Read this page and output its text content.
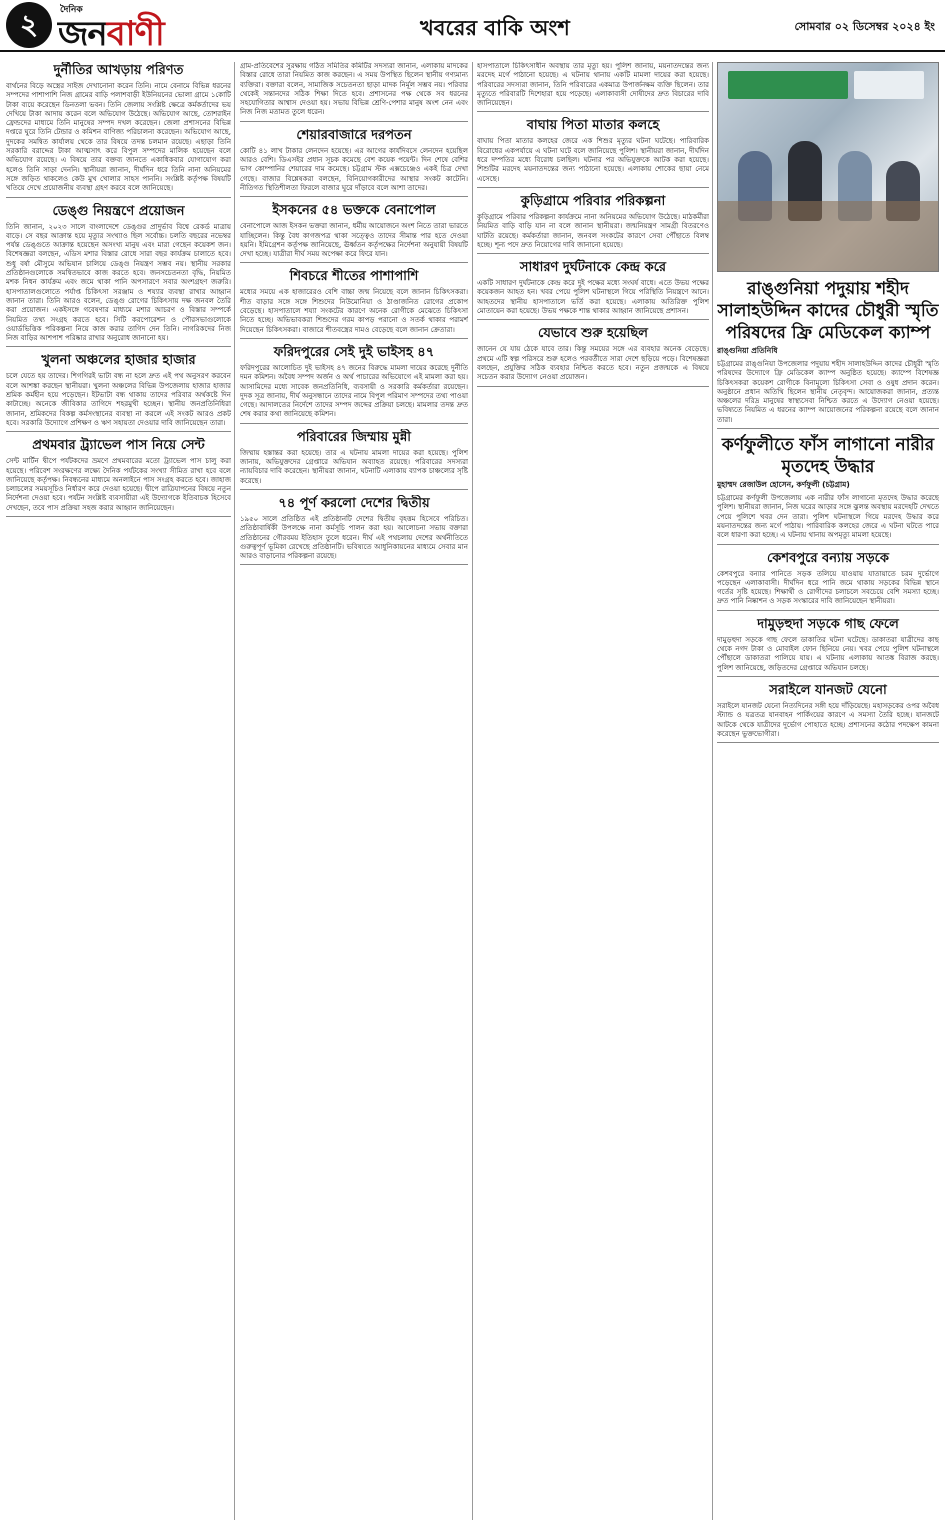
২	দৈনিক
জনবাণী	খবরের বাকি অংশ	সোমবার ০২ ডিসেম্বর ২০২৪ ইং
দুর্নীতির আখড়ায় পরিণত

বার্থনের বিড়ে অস্ত্রের সাইজ দেখানোনা করেন তিনি। নামে বেনামে বিভিন্ন ধরনের সম্পদের পাশাপাশি নিজ গ্রামের বাড়ি পলাশবাড়ী ইউনিয়নের ভোলা গ্রামে ১কোটি টাকা ব্যয়ে করেছেন ডিনতলা ভবন। তিনি জেলায় সংশ্লিষ্ট ক্ষেত্রে কর্মকর্তাদের ভয় দেখিয়ে টাকা আদায় করেন বলে অভিযোগ উঠেছে। অভিযোগ আছে, তোশরাইন ফ্রেন্ডদের মাধ্যমে তিনি মানুষের সম্পদ দখল করেছেন। জেলা প্রশাসনের বিভিন্ন দপ্তরে ঘুরে তিনি টেন্ডার ও কমিশন বাণিজ্য পরিচালনা করেছেন। অভিযোগ আছে, দুদকের সমন্বিত কার্যালয় থেকে তার বিষয়ে তদন্ত চলমান রয়েছে। এছাড়া তিনি সরকারি বরাদ্দের টাকা আত্মসাৎ করে বিপুল সম্পদের মালিক হয়েছেন বলে অভিযোগ রয়েছে। এ বিষয়ে তার বক্তব্য জানতে একাধিকবার যোগাযোগ করা হলেও তিনি সাড়া দেননি। স্থানীয়রা জানান, দীর্ঘদিন ধরে তিনি নানা অনিয়মের সঙ্গে জড়িত থাকলেও কেউ মুখ খোলার সাহস পাননি। সংশ্লিষ্ট কর্তৃপক্ষ বিষয়টি খতিয়ে দেখে প্রয়োজনীয় ব্যবস্থা গ্রহণ করবে বলে জানিয়েছে।

ডেঙ্গু নিয়ন্ত্রণে প্রয়োজন

তিনি জানান, ২০২৩ সালে বাংলাদেশে ডেঙ্গুর প্রাদুর্ভাব বিশ্বে রেকর্ড মাত্রায় বাড়ে। সে বছর আক্রান্ত হয়ে মৃত্যুর সংখ্যাও ছিল সর্বোচ্চ। চলতি বছরের নভেম্বর পর্যন্ত ডেঙ্গুতে আক্রান্ত হয়েছেন অসংখ্য মানুষ এবং মারা গেছেন কয়েকশ জন। বিশেষজ্ঞরা বলছেন, এডিস মশার বিস্তার রোধে সারা বছর কার্যক্রম চালাতে হবে। শুধু বর্ষা মৌসুমে অভিযান চালিয়ে ডেঙ্গু নিয়ন্ত্রণ সম্ভব নয়। স্থানীয় সরকার প্রতিষ্ঠানগুলোকে সমন্বিতভাবে কাজ করতে হবে। জনসচেতনতা বৃদ্ধি, নিয়মিত মশক নিধন কার্যক্রম এবং জমে থাকা পানি অপসারণে সবার অংশগ্রহণ জরুরি। হাসপাতালগুলোতে পর্যাপ্ত চিকিৎসা সরঞ্জাম ও শয্যার ব্যবস্থা রাখার আহ্বান জানান তারা। তিনি আরও বলেন, ডেঙ্গু রোগের চিকিৎসায় দক্ষ জনবল তৈরি করা প্রয়োজন। একইসঙ্গে গবেষণার মাধ্যমে মশার আচরণ ও বিস্তার সম্পর্কে নিয়মিত তথ্য সংগ্রহ করতে হবে। সিটি করপোরেশন ও পৌরসভাগুলোকে ওয়ার্ডভিত্তিক পরিকল্পনা নিয়ে কাজ করার তাগিদ দেন তিনি। নাগরিকদের নিজ নিজ বাড়ির আশপাশ পরিষ্কার রাখার অনুরোধ জানানো হয়।

খুলনা অঞ্চলের হাজার হাজার

চলে যেতে হয় তাদের। শিগগিরই ভাটা বন্ধ না হলে দ্রুত এই পথ অনুসরণ করবেন বলে আশঙ্কা করছেন স্থানীয়রা। খুলনা অঞ্চলের বিভিন্ন উপজেলায় হাজার হাজার শ্রমিক কর্মহীন হয়ে পড়েছেন। ইটভাটা বন্ধ থাকায় তাদের পরিবার অর্থকষ্টে দিন কাটাচ্ছে। অনেকে জীবিকার তাগিদে শহরমুখী হচ্ছেন। স্থানীয় জনপ্রতিনিধিরা জানান, শ্রমিকদের বিকল্প কর্মসংস্থানের ব্যবস্থা না করলে এই সংকট আরও প্রকট হবে। সরকারি উদ্যোগে প্রশিক্ষণ ও ঋণ সহায়তা দেওয়ার দাবি জানিয়েছেন তারা।

প্রথমবার ট্র্যাভেল পাস নিয়ে সেন্ট

সেন্ট মার্টিন দ্বীপে পর্যটকদের ভ্রমণে প্রথমবারের মতো ট্র্যাভেল পাস চালু করা হয়েছে। পরিবেশ সংরক্ষণের লক্ষ্যে দৈনিক পর্যটকের সংখ্যা সীমিত রাখা হবে বলে জানিয়েছে কর্তৃপক্ষ। নিবন্ধনের মাধ্যমে অনলাইনে পাস সংগ্রহ করতে হবে। জাহাজ চলাচলের সময়সূচিও নির্ধারণ করে দেওয়া হয়েছে। দ্বীপে রাত্রিযাপনের বিষয়ে নতুন নির্দেশনা দেওয়া হবে। পর্যটন সংশ্লিষ্ট ব্যবসায়ীরা এই উদ্যোগকে ইতিবাচক হিসেবে দেখছেন, তবে পাস প্রক্রিয়া সহজ করার আহ্বান জানিয়েছেন।

গ্রাম-প্রতিবেশের সুরক্ষায় গঠিত সমিতির কমিটির সদস্যরা জানান, এলাকায় মাদকের বিস্তার রোধে তারা নিয়মিত কাজ করছেন। এ সময় উপস্থিত ছিলেন স্থানীয় গণ্যমান্য ব্যক্তিরা। বক্তারা বলেন, সামাজিক সচেতনতা ছাড়া মাদক নির্মূল সম্ভব নয়। পরিবার থেকেই সন্তানদের সঠিক শিক্ষা দিতে হবে। প্রশাসনের পক্ষ থেকে সব ধরনের সহযোগিতার আশ্বাস দেওয়া হয়। সভায় বিভিন্ন শ্রেণি-পেশার মানুষ অংশ নেন এবং নিজ নিজ মতামত তুলে ধরেন।

শেয়ারবাজারে দরপতন

কোটি ৪১ লাখ টাকার লেনদেন হয়েছে। এর আগের কার্যদিবসে লেনদেন হয়েছিল আরও বেশি। ডিএসইর প্রধান সূচক কমেছে বেশ কয়েক পয়েন্ট। দিন শেষে বেশির ভাগ কোম্পানির শেয়ারের দাম কমেছে। চট্টগ্রাম স্টক এক্সচেঞ্জেও একই চিত্র দেখা গেছে। বাজার বিশ্লেষকরা বলছেন, বিনিয়োগকারীদের আস্থার সংকট কাটেনি। নীতিগত স্থিতিশীলতা ফিরলে বাজার ঘুরে দাঁড়াবে বলে আশা তাদের।

ইসকনের ৫৪ ভক্তকে বেনাপোল

বেনাপোলে আজ ইসকন ভক্তরা জানান, ধর্মীয় আয়োজনে অংশ নিতে তারা ভারতে যাচ্ছিলেন। কিন্তু বৈধ কাগজপত্র থাকা সত্ত্বেও তাদের সীমান্ত পার হতে দেওয়া হয়নি। ইমিগ্রেশন কর্তৃপক্ষ জানিয়েছে, ঊর্ধ্বতন কর্তৃপক্ষের নির্দেশনা অনুযায়ী বিষয়টি দেখা হচ্ছে। যাত্রীরা দীর্ঘ সময় অপেক্ষা করে ফিরে যান।

শিবচরে শীতের পাশাপাশি

মধ্যের সময়ে এক হাজারেরও বেশি বাচ্চা জন্ম নিয়েছে বলে জানান চিকিৎসকরা। শীত বাড়ার সঙ্গে সঙ্গে শিশুদের নিউমোনিয়া ও ঠাণ্ডাজনিত রোগের প্রকোপ বেড়েছে। হাসপাতালে শয্যা সংকটের কারণে অনেক রোগীকে মেঝেতে চিকিৎসা নিতে হচ্ছে। অভিভাবকরা শিশুদের গরম কাপড় পরানো ও সতর্ক থাকার পরামর্শ দিয়েছেন চিকিৎসকরা। বাজারে শীতবস্ত্রের দামও বেড়েছে বলে জানান ক্রেতারা।

ফরিদপুরের সেই দুই ভাইসহ ৪৭

ফরিদপুরের আলোচিত দুই ভাইসহ ৪৭ জনের বিরুদ্ধে মামলা দায়ের করেছে দুর্নীতি দমন কমিশন। অবৈধ সম্পদ অর্জন ও অর্থ পাচারের অভিযোগে এই মামলা করা হয়। আসামিদের মধ্যে সাবেক জনপ্রতিনিধি, ব্যবসায়ী ও সরকারি কর্মকর্তারা রয়েছেন। দুদক সূত্র জানায়, দীর্ঘ অনুসন্ধানে তাদের নামে বিপুল পরিমাণ সম্পদের তথ্য পাওয়া গেছে। আদালতের নির্দেশে তাদের সম্পদ জব্দের প্রক্রিয়া চলছে। মামলার তদন্ত দ্রুত শেষ করার কথা জানিয়েছে কমিশন।

পরিবারের জিম্মায় মুন্নী

জিম্মায় হস্তান্তর করা হয়েছে। তার এ ঘটনায় মামলা দায়ের করা হয়েছে। পুলিশ জানায়, অভিযুক্তদের গ্রেপ্তারে অভিযান অব্যাহত রয়েছে। পরিবারের সদস্যরা ন্যায়বিচার দাবি করেছেন। স্থানীয়রা জানান, ঘটনাটি এলাকায় ব্যাপক চাঞ্চল্যের সৃষ্টি করেছে।

৭৪ পূর্ণ করলো দেশের দ্বিতীয়

১৯৫০ সালে প্রতিষ্ঠিত এই প্রতিষ্ঠানটি দেশের দ্বিতীয় বৃহত্তম হিসেবে পরিচিত। প্রতিষ্ঠাবার্ষিকী উপলক্ষে নানা কর্মসূচি পালন করা হয়। আলোচনা সভায় বক্তারা প্রতিষ্ঠানের গৌরবময় ইতিহাস তুলে ধরেন। দীর্ঘ এই পথচলায় দেশের অর্থনীতিতে গুরুত্বপূর্ণ ভূমিকা রেখেছে প্রতিষ্ঠানটি। ভবিষ্যতে আধুনিকায়নের মাধ্যমে সেবার মান আরও বাড়ানোর পরিকল্পনা রয়েছে।

হাসপাতালে চিকিৎসাধীন অবস্থায় তার মৃত্যু হয়। পুলিশ জানায়, ময়নাতদন্তের জন্য মরদেহ মর্গে পাঠানো হয়েছে। এ ঘটনায় থানায় একটি মামলা দায়ের করা হয়েছে। পরিবারের সদস্যরা জানান, তিনি পরিবারের একমাত্র উপার্জনক্ষম ব্যক্তি ছিলেন। তার মৃত্যুতে পরিবারটি দিশেহারা হয়ে পড়েছে। এলাকাবাসী দোষীদের দ্রুত বিচারের দাবি জানিয়েছেন।

বাঘায় পিতা মাতার কলহে

বাঘায় পিতা মাতার কলহের জেরে এক শিশুর মৃত্যুর ঘটনা ঘটেছে। পারিবারিক বিরোধের একপর্যায়ে এ ঘটনা ঘটে বলে জানিয়েছে পুলিশ। স্থানীয়রা জানান, দীর্ঘদিন ধরে দম্পতির মধ্যে বিরোধ চলছিল। ঘটনার পর অভিযুক্তকে আটক করা হয়েছে। শিশুটির মরদেহ ময়নাতদন্তের জন্য পাঠানো হয়েছে। এলাকায় শোকের ছায়া নেমে এসেছে।

কুড়িগ্রামে পরিবার পরিকল্পনা

কুড়িগ্রামে পরিবার পরিকল্পনা কার্যক্রমে নানা অনিয়মের অভিযোগ উঠেছে। মাঠকর্মীরা নিয়মিত বাড়ি বাড়ি যান না বলে জানান স্থানীয়রা। জন্মনিয়ন্ত্রণ সামগ্রী বিতরণেও ঘাটতি রয়েছে। কর্মকর্তারা জানান, জনবল সংকটের কারণে সেবা পৌঁছাতে বিলম্ব হচ্ছে। শূন্য পদে দ্রুত নিয়োগের দাবি জানানো হয়েছে।

সাধারণ দুর্ঘটনাকে কেন্দ্র করে

একটি সাধারণ দুর্ঘটনাকে কেন্দ্র করে দুই পক্ষের মধ্যে সংঘর্ষ বাধে। এতে উভয় পক্ষের কয়েকজন আহত হন। খবর পেয়ে পুলিশ ঘটনাস্থলে গিয়ে পরিস্থিতি নিয়ন্ত্রণে আনে। আহতদের স্থানীয় হাসপাতালে ভর্তি করা হয়েছে। এলাকায় অতিরিক্ত পুলিশ মোতায়েন করা হয়েছে। উভয় পক্ষকে শান্ত থাকার আহ্বান জানিয়েছে প্রশাসন।

যেভাবে শুরু হয়েছিল

জানেন যে যায় ঠেকে যাবে তার। কিন্তু সময়ের সঙ্গে এর ব্যবহার অনেক বেড়েছে। প্রথমে এটি স্বল্প পরিসরে শুরু হলেও পরবর্তীতে সারা দেশে ছড়িয়ে পড়ে। বিশেষজ্ঞরা বলছেন, প্রযুক্তির সঠিক ব্যবহার নিশ্চিত করতে হবে। নতুন প্রজন্মকে এ বিষয়ে সচেতন করার উদ্যোগ নেওয়া প্রয়োজন।

রাঙ্গুনিয়া পদুয়ায় শহীদ সালাহউদ্দিন কাদের চৌধুরী স্মৃতি পরিষদের ফ্রি মেডিকেল ক্যাম্প
রাঙ্গুনিয়া প্রতিনিধি

চট্টগ্রামের রাঙ্গুনিয়া উপজেলার পদুয়ায় শহীদ সালাহউদ্দিন কাদের চৌধুরী স্মৃতি পরিষদের উদ্যোগে ফ্রি মেডিকেল ক্যাম্প অনুষ্ঠিত হয়েছে। ক্যাম্পে বিশেষজ্ঞ চিকিৎসকরা কয়েকশ রোগীকে বিনামূল্যে চিকিৎসা সেবা ও ওষুধ প্রদান করেন। অনুষ্ঠানে প্রধান অতিথি ছিলেন স্থানীয় নেতৃবৃন্দ। আয়োজকরা জানান, প্রত্যন্ত অঞ্চলের দরিদ্র মানুষের স্বাস্থ্যসেবা নিশ্চিত করতে এ উদ্যোগ নেওয়া হয়েছে। ভবিষ্যতে নিয়মিত এ ধরনের ক্যাম্প আয়োজনের পরিকল্পনা রয়েছে বলে জানান তারা।

কর্ণফুলীতে ফাঁস লাগানো নারীর মৃতদেহ উদ্ধার
মুহাম্মদ রেজাউল হোসেন, কর্ণফুলী (চট্টগ্রাম)

চট্টগ্রামের কর্ণফুলী উপজেলায় এক নারীর ফাঁস লাগানো মৃতদেহ উদ্ধার করেছে পুলিশ। স্থানীয়রা জানান, নিজ ঘরের আড়ার সঙ্গে ঝুলন্ত অবস্থায় মরদেহটি দেখতে পেয়ে পুলিশে খবর দেন তারা। পুলিশ ঘটনাস্থলে গিয়ে মরদেহ উদ্ধার করে ময়নাতদন্তের জন্য মর্গে পাঠায়। পারিবারিক কলহের জেরে এ ঘটনা ঘটতে পারে বলে ধারণা করা হচ্ছে। এ ঘটনায় থানায় অপমৃত্যু মামলা হয়েছে।

কেশবপুরে বন্যায় সড়কে

কেশবপুরে বন্যার পানিতে সড়ক তলিয়ে যাওয়ায় যাতায়াতে চরম দুর্ভোগে পড়েছেন এলাকাবাসী। দীর্ঘদিন ধরে পানি জমে থাকায় সড়কের বিভিন্ন স্থানে গর্তের সৃষ্টি হয়েছে। শিক্ষার্থী ও রোগীদের চলাচলে সবচেয়ে বেশি সমস্যা হচ্ছে। দ্রুত পানি নিষ্কাশন ও সড়ক সংস্কারের দাবি জানিয়েছেন স্থানীয়রা।

দামুড়হুদা সড়কে গাছ ফেলে

দামুড়হুদা সড়কে গাছ ফেলে ডাকাতির ঘটনা ঘটেছে। ডাকাতরা যাত্রীদের কাছ থেকে নগদ টাকা ও মোবাইল ফোন ছিনিয়ে নেয়। খবর পেয়ে পুলিশ ঘটনাস্থলে পৌঁছালে ডাকাতরা পালিয়ে যায়। এ ঘটনায় এলাকায় আতঙ্ক বিরাজ করছে। পুলিশ জানিয়েছে, জড়িতদের গ্রেপ্তারে অভিযান চলছে।

সরাইলে যানজট যেনো

সরাইলে যানজট যেনো নিত্যদিনের সঙ্গী হয়ে দাঁড়িয়েছে। মহাসড়কের ওপর অবৈধ স্ট্যান্ড ও যত্রতত্র যানবাহন পার্কিংয়ের কারণে এ সমস্যা তৈরি হচ্ছে। যানজটে আটকে থেকে যাত্রীদের দুর্ভোগ পোহাতে হচ্ছে। প্রশাসনের কঠোর পদক্ষেপ কামনা করেছেন ভুক্তভোগীরা।
